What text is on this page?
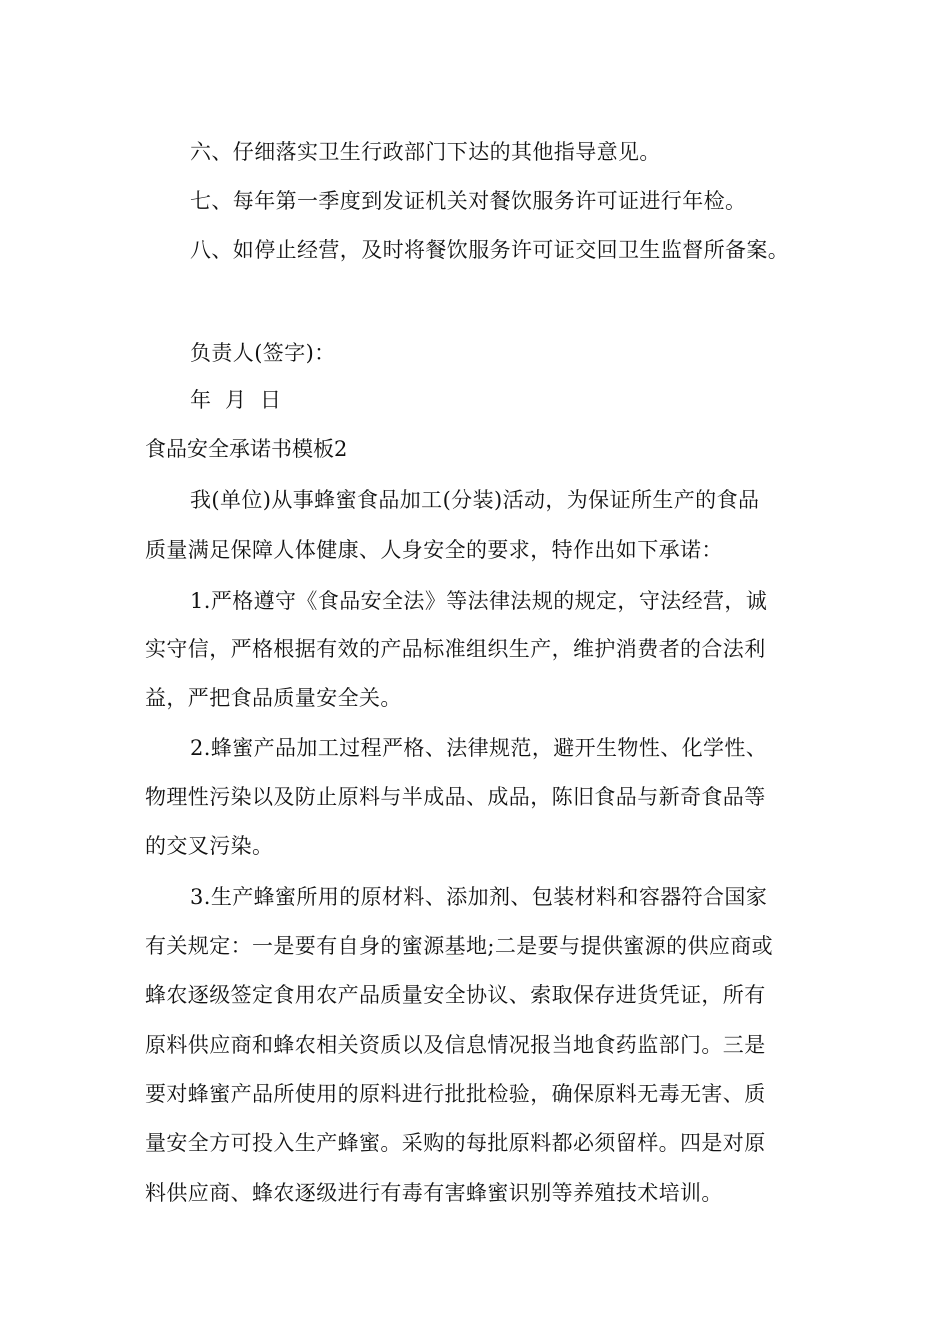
六、仔细落实卫生行政部门下达的其他指导意见。

七、每年第一季度到发证机关对餐饮服务许可证进行年检。

八、如停止经营，及时将餐饮服务许可证交回卫生监督所备案。

负责人(签字)：

年 月 日

食品安全承诺书模板2

我(单位)从事蜂蜜食品加工(分装)活动，为保证所生产的食品

质量满足保障人体健康、人身安全的要求，特作出如下承诺：

1.严格遵守《食品安全法》等法律法规的规定，守法经营，诚

实守信，严格根据有效的产品标准组织生产，维护消费者的合法利

益，严把食品质量安全关。

2.蜂蜜产品加工过程严格、法律规范，避开生物性、化学性、

物理性污染以及防止原料与半成品、成品，陈旧食品与新奇食品等

的交叉污染。

3.生产蜂蜜所用的原材料、添加剂、包装材料和容器符合国家

有关规定：一是要有自身的蜜源基地;二是要与提供蜜源的供应商或

蜂农逐级签定食用农产品质量安全协议、索取保存进货凭证，所有

原料供应商和蜂农相关资质以及信息情况报当地食药监部门。三是

要对蜂蜜产品所使用的原料进行批批检验，确保原料无毒无害、质

量安全方可投入生产蜂蜜。采购的每批原料都必须留样。四是对原

料供应商、蜂农逐级进行有毒有害蜂蜜识别等养殖技术培训。
